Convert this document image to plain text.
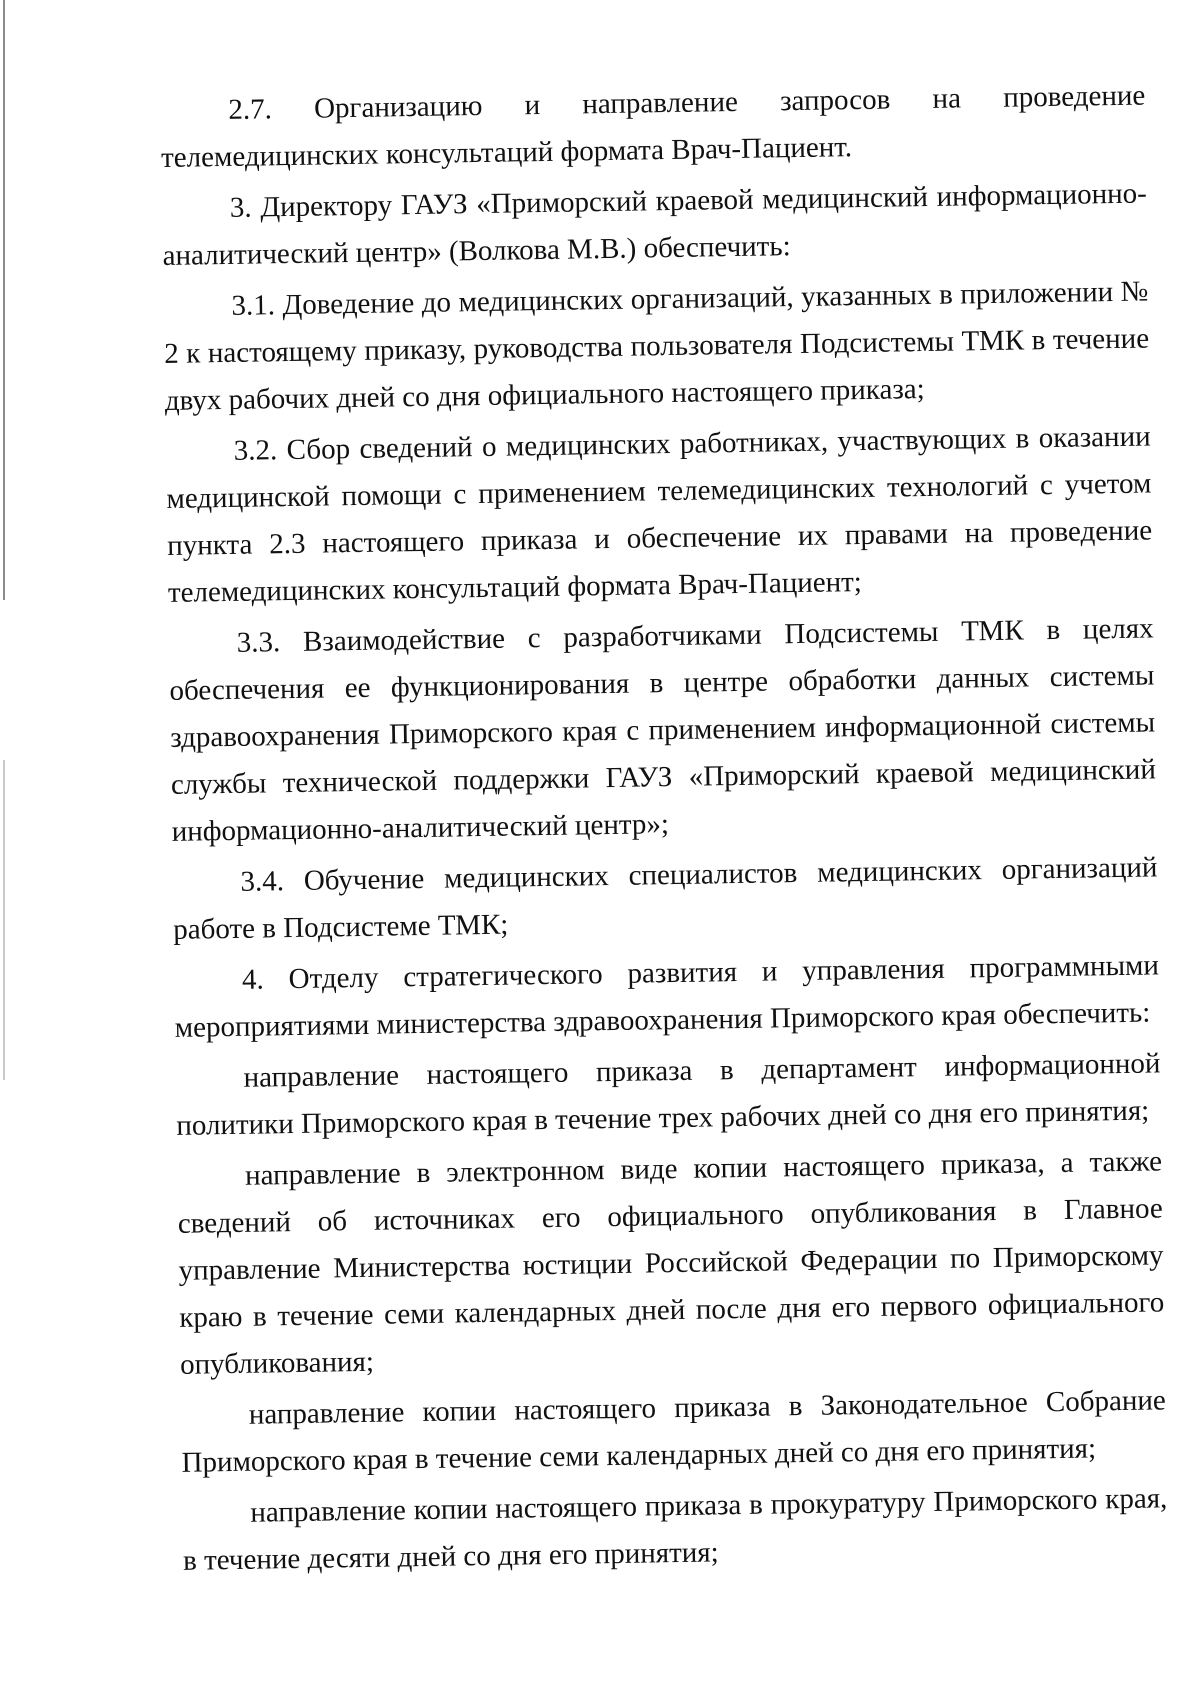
2.7. Организацию и направление запросов на проведение телемедицинских консультаций формата Врач-Пациент.

3. Директору ГАУЗ «Приморский краевой медицинский информационно-аналитический центр» (Волкова М.В.) обеспечить:

3.1. Доведение до медицинских организаций, указанных в приложении № 2 к настоящему приказу, руководства пользователя Подсистемы ТМК в течение двух рабочих дней со дня официального настоящего приказа;

3.2. Сбор сведений о медицинских работниках, участвующих в оказании медицинской помощи с применением телемедицинских технологий с учетом пункта 2.3 настоящего приказа и обеспечение их правами на проведение телемедицинских консультаций формата Врач-Пациент;

3.3. Взаимодействие с разработчиками Подсистемы ТМК в целях обеспечения ее функционирования в центре обработки данных системы здравоохранения Приморского края с применением информационной системы службы технической поддержки ГАУЗ «Приморский краевой медицинский информационно-аналитический центр»;

3.4. Обучение медицинских специалистов медицинских организаций работе в Подсистеме ТМК;

4. Отделу стратегического развития и управления программными мероприятиями министерства здравоохранения Приморского края обеспечить:

направление настоящего приказа в департамент информационной политики Приморского края в течение трех рабочих дней со дня его принятия;

направление в электронном виде копии настоящего приказа, а также сведений об источниках его официального опубликования в Главное управление Министерства юстиции Российской Федерации по Приморскому краю в течение семи календарных дней после дня его первого официального опубликования;

направление копии настоящего приказа в Законодательное Собрание Приморского края в течение семи календарных дней со дня его принятия;

направление копии настоящего приказа в прокуратуру Приморского края, в течение десяти дней со дня его принятия;
